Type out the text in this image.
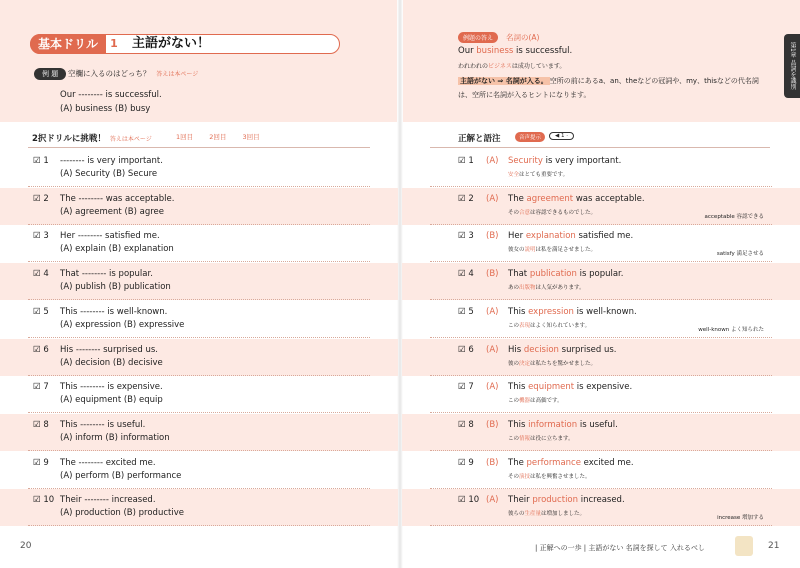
基本ドリル	1	主語がない！
例 題	空欄に入るのはどっち？ 答えは本ページ
Our -------- is successful.
(A) business (B) busy
例題の答え	名詞の(A)
Our business is successful.
われわれのビジネスは成功しています。
主語がない ⇒ 名詞が入る。 空所の前にあるa、an、theなどの冠詞や、my、thisなどの代名詞は、空所に名詞が入るヒントになります。
第1章 品詞を識別
2択ドリルに挑戦！ 答えは本ページ	1回目 2回目 3回目	正解と語注	音声提示	◀ 1 ·
☑ 1 -------- is very important.
(A) Security (B) Secure
☑ 2 The -------- was acceptable.
(A) agreement (B) agree
☑ 3 Her -------- satisfied me.
(A) explain (B) explanation
☑ 4 That -------- is popular.
(A) publish (B) publication
☑ 5 This -------- is well-known.
(A) expression (B) expressive
☑ 6 His -------- surprised us.
(A) decision (B) decisive
☑ 7 This -------- is expensive.
(A) equipment (B) equip
☑ 8 This -------- is useful.
(A) inform (B) information
☑ 9 The -------- excited me.
(A) perform (B) performance
☑ 10 Their -------- increased.
(A) production (B) productive
☑ 1 (A) Security is very important.
安全はとても重要です。
☑ 2 (A) The agreement was acceptable.
その合意は容認できるものでした。
acceptable 容認できる
☑ 3 (B) Her explanation satisfied me.
彼女の説明は私を満足させました。
satisfy 満足させる
☑ 4 (B) That publication is popular.
あの出版物は人気があります。
☑ 5 (A) This expression is well-known.
この表現はよく知られています。
well-known よく知られた
☑ 6 (A) His decision surprised us.
彼の決定は私たちを驚かせました。
☑ 7 (A) This equipment is expensive.
この機器は高価です。
☑ 8 (B) This information is useful.
この情報は役に立ちます。
☑ 9 (B) The performance excited me.
その演技は私を興奮させました。
☑ 10 (A) Their production increased.
彼らの生産量は増加しました。
increase 増加する
20	21
| 正解への一歩 | 主語がない 名詞を探して 入れるべし
